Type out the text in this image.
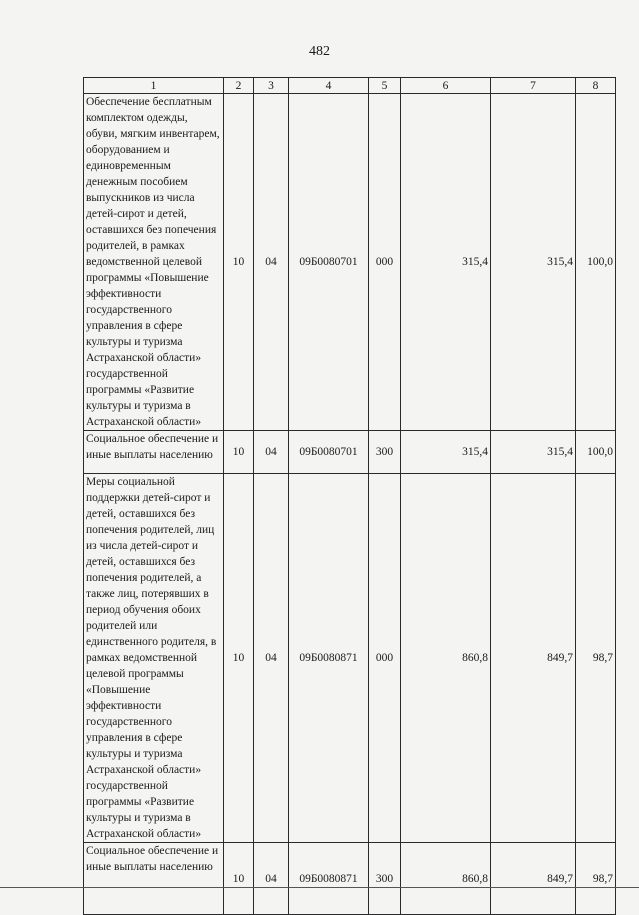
482
1	2	3	4	5	6	7	8
Обеспечение бесплатным комплектом одежды, обуви, мягким инвентарем, оборудованием и единовременным денежным пособием выпускников из числа детей-сирот и детей, оставшихся без попечения родителей, в рамках ведомственной целевой программы «Повышение эффективности государственного управления в сфере культуры и туризма Астраханской области» государственной программы «Развитие культуры и туризма в Астраханской области»	10	04	09Б0080701	000	315,4	315,4	100,0
Социальное обеспечение и иные выплаты населению	10	04	09Б0080701	300	315,4	315,4	100,0
Меры социальной поддержки детей-сирот и детей, оставшихся без попечения родителей, лиц из числа детей-сирот и детей, оставшихся без попечения родителей, а также лиц, потерявших в период обучения обоих родителей или единственного родителя, в рамках ведомственной целевой программы «Повышение эффективности государственного управления в сфере культуры и туризма Астраханской области» государственной программы «Развитие культуры и туризма в Астраханской области»	10	04	09Б0080871	000	860,8	849,7	98,7
Социальное обеспечение и иные выплаты населению	10	04	09Б0080871	300	860,8	849,7	98,7
